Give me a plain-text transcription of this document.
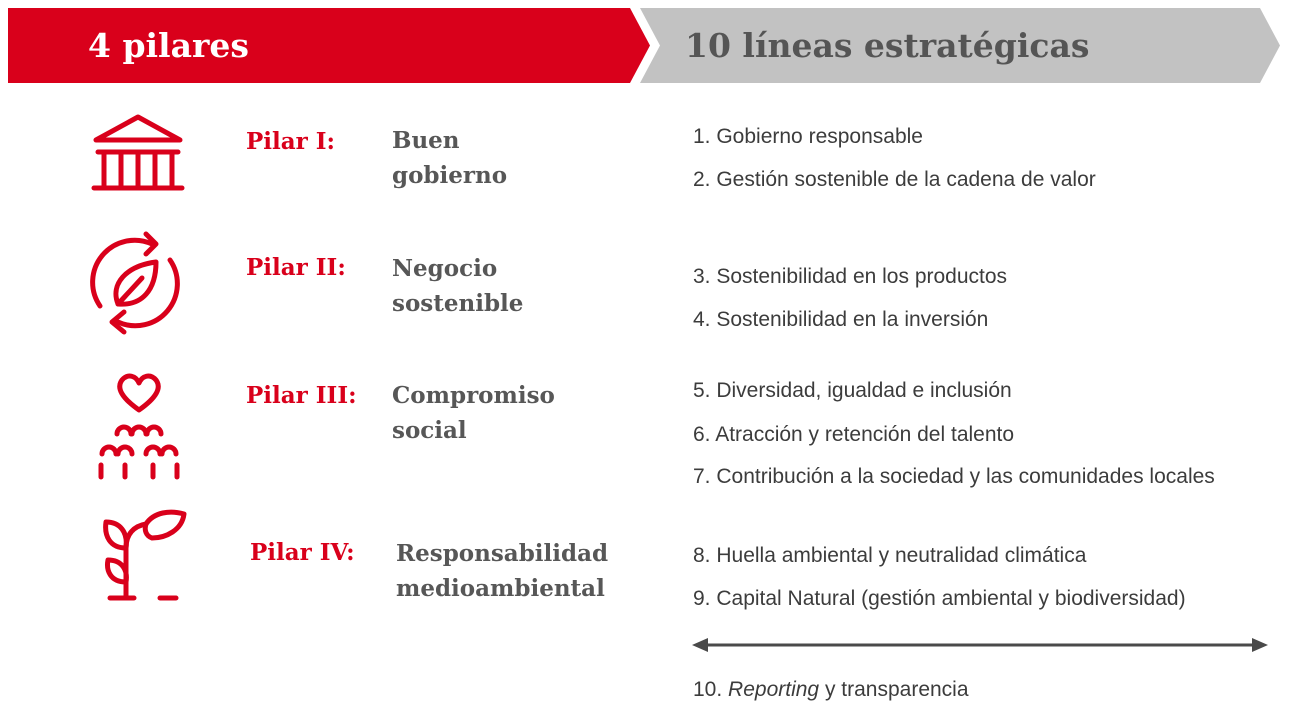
10 líneas estratégicas
4 pilares
Pilar I: Buen
gobierno
Pilar II: Negocio
sostenible
Pilar III: Compromiso
social
Pilar IV: Responsabilidad
medioambiental
1. Gobierno responsable
2. Gestión sostenible de la cadena de valor
3. Sostenibilidad en los productos
4. Sostenibilidad en la inversión
5. Diversidad, igualdad e inclusión
6. Atracción y retención del talento
7. Contribución a la sociedad y las comunidades locales
8. Huella ambiental y neutralidad climática
9. Capital Natural (gestión ambiental y biodiversidad)
10. Reporting y transparencia
